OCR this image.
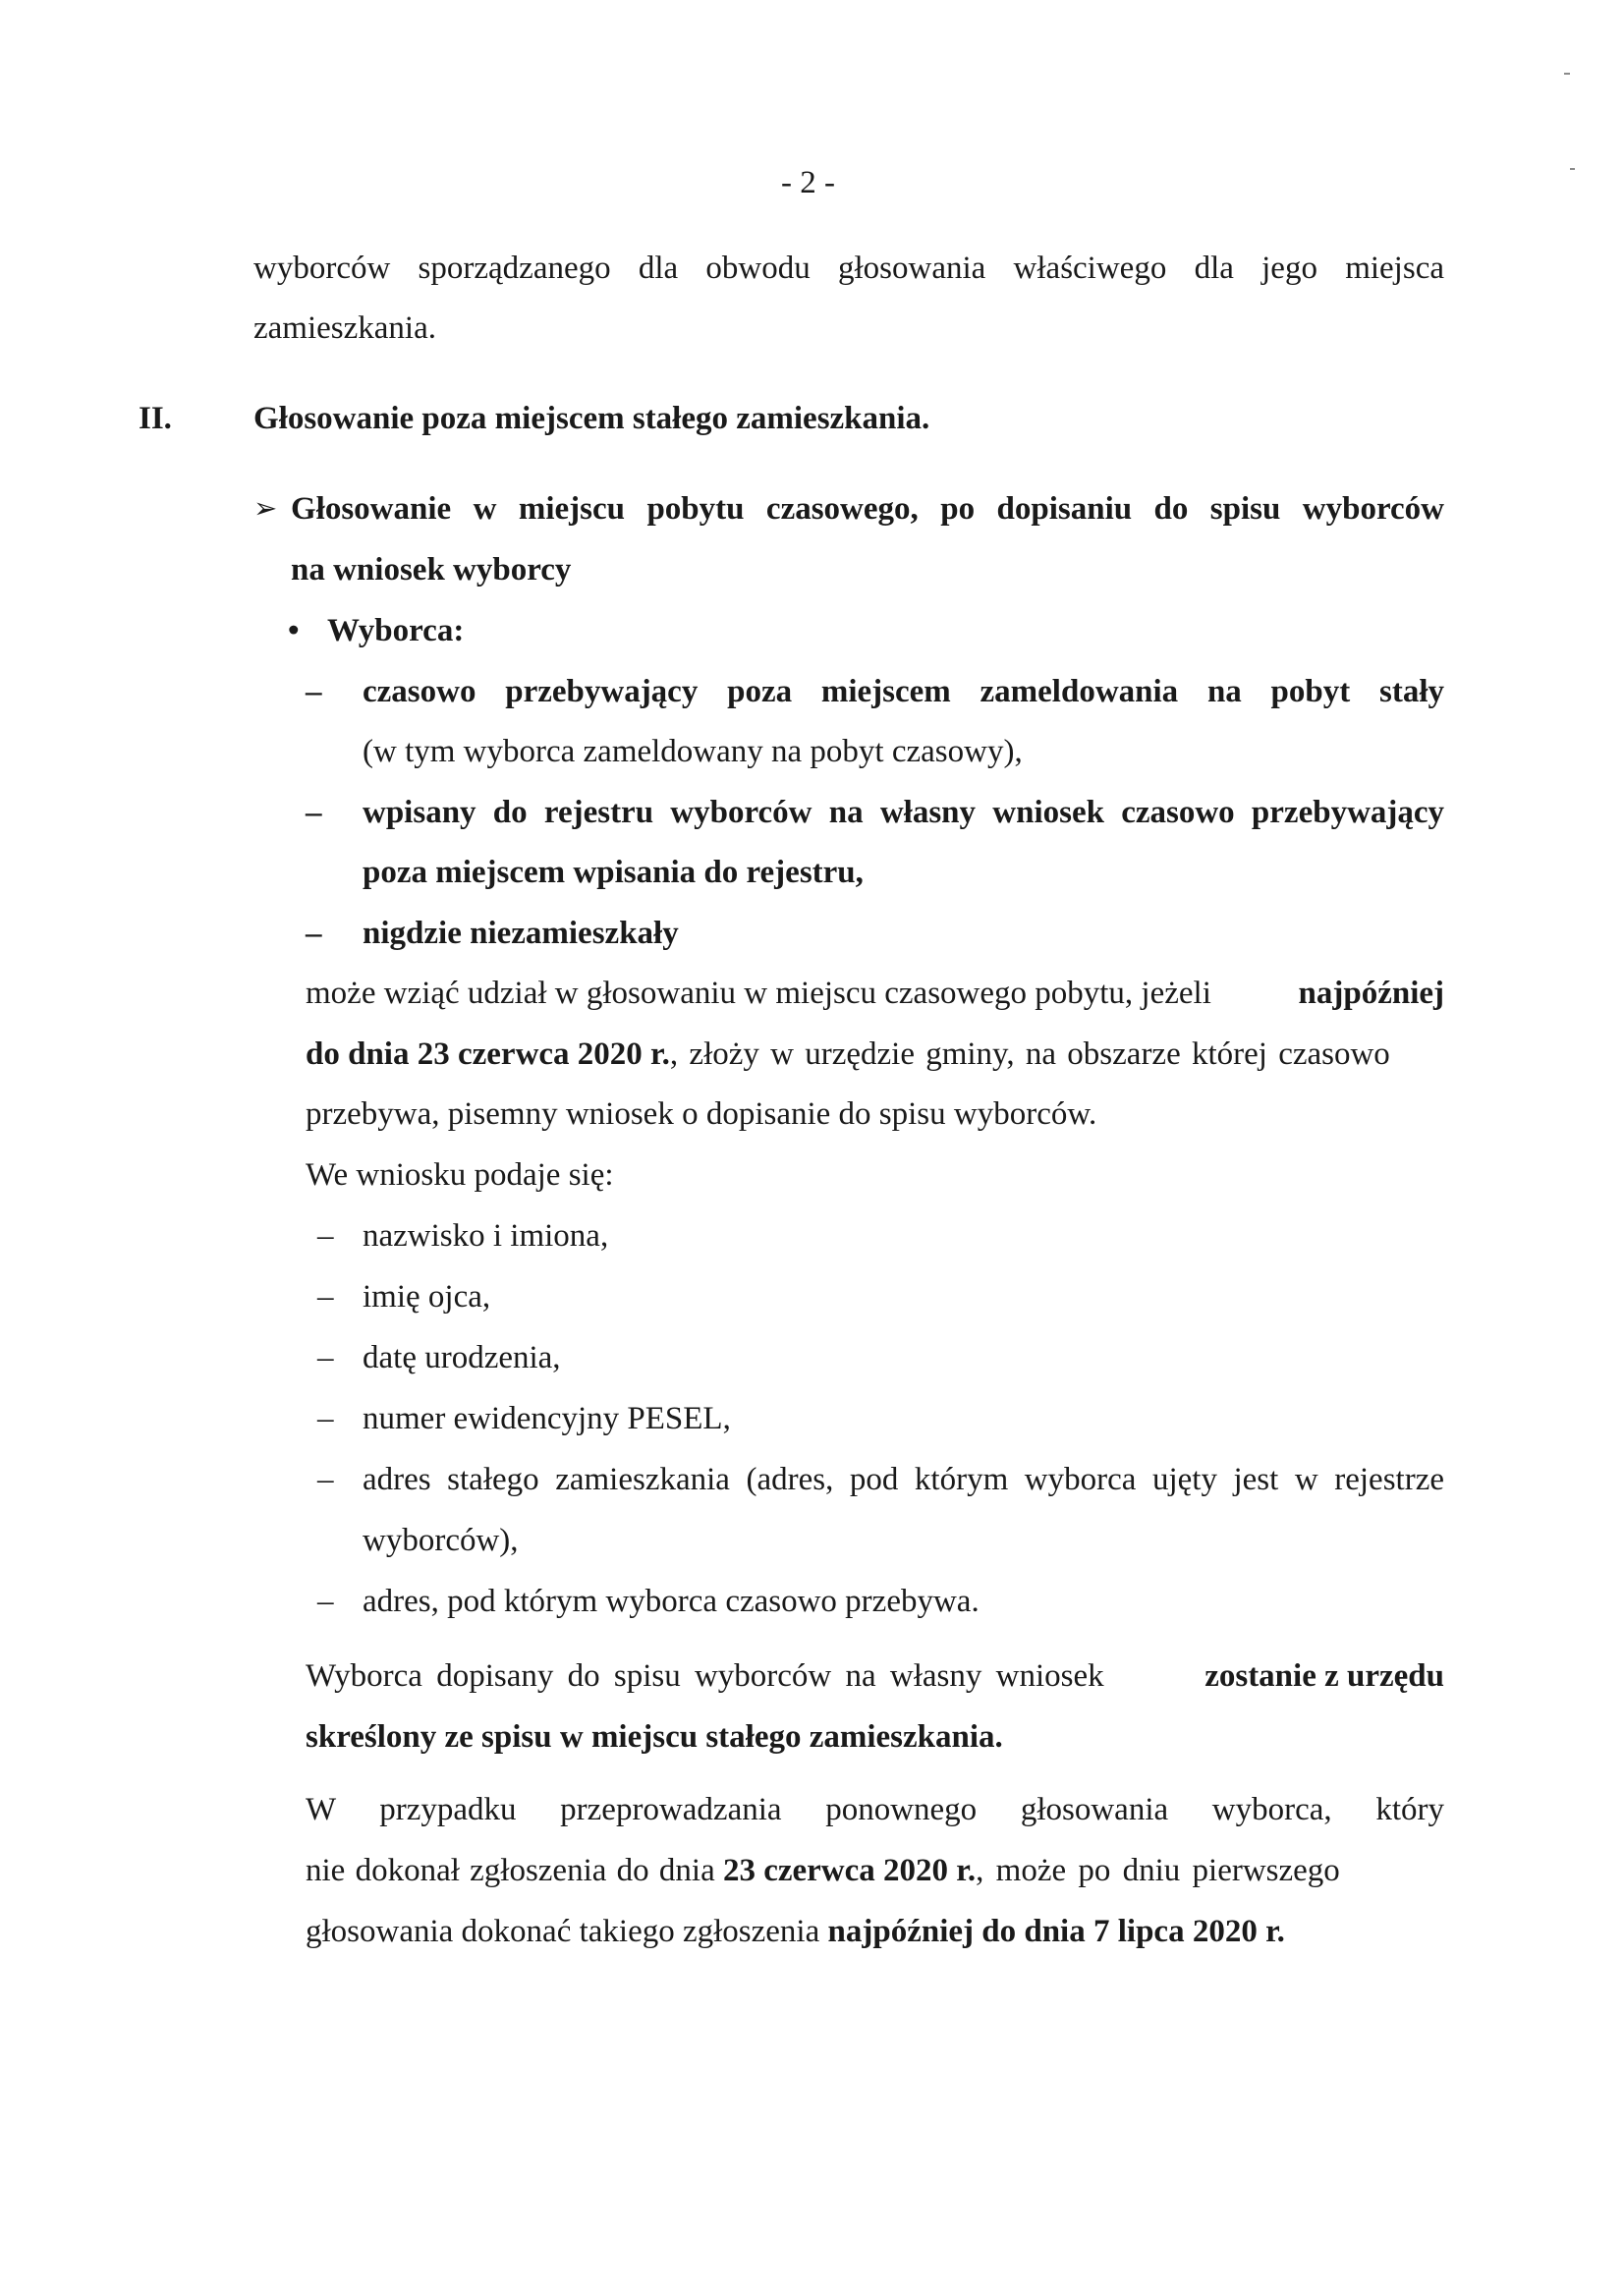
- 2 -
wyborców sporządzanego dla obwodu głosowania właściwego dla jego miejsca
zamieszkania.
II.	Głosowanie poza miejscem stałego zamieszkania.
➢ Głosowanie w miejscu pobytu czasowego, po dopisaniu do spisu wyborców
na wniosek wyborcy
• Wyborca:
– czasowo przebywający poza miejscem zameldowania na pobyt stały
(w tym wyborca zameldowany na pobyt czasowy),
– wpisany do rejestru wyborców na własny wniosek czasowo przebywający
poza miejscem wpisania do rejestru,
– nigdzie niezamieszkały
może wziąć udział w głosowaniu w miejscu czasowego pobytu, jeżeli	najpóźniej
do dnia 23 czerwca 2020 r. , złoży w urzędzie gminy, na obszarze której czasowo
przebywa, pisemny wniosek o dopisanie do spisu wyborców.
We wniosku podaje się:
– nazwisko i imiona,
– imię ojca,
– datę urodzenia,
– numer ewidencyjny PESEL,
– adres stałego zamieszkania (adres, pod którym wyborca ujęty jest w rejestrze
wyborców),
– adres, pod którym wyborca czasowo przebywa.
Wyborca dopisany do spisu wyborców na własny wniosek	zostanie z urzędu
skreślony ze spisu w miejscu stałego zamieszkania.
W przypadku przeprowadzania ponownego głosowania wyborca, który
nie dokonał zgłoszenia do dnia
23 czerwca 2020 r. , może po dniu pierwszego
głosowania dokonać takiego zgłoszenia najpóźniej do dnia 7 lipca 2020 r.
